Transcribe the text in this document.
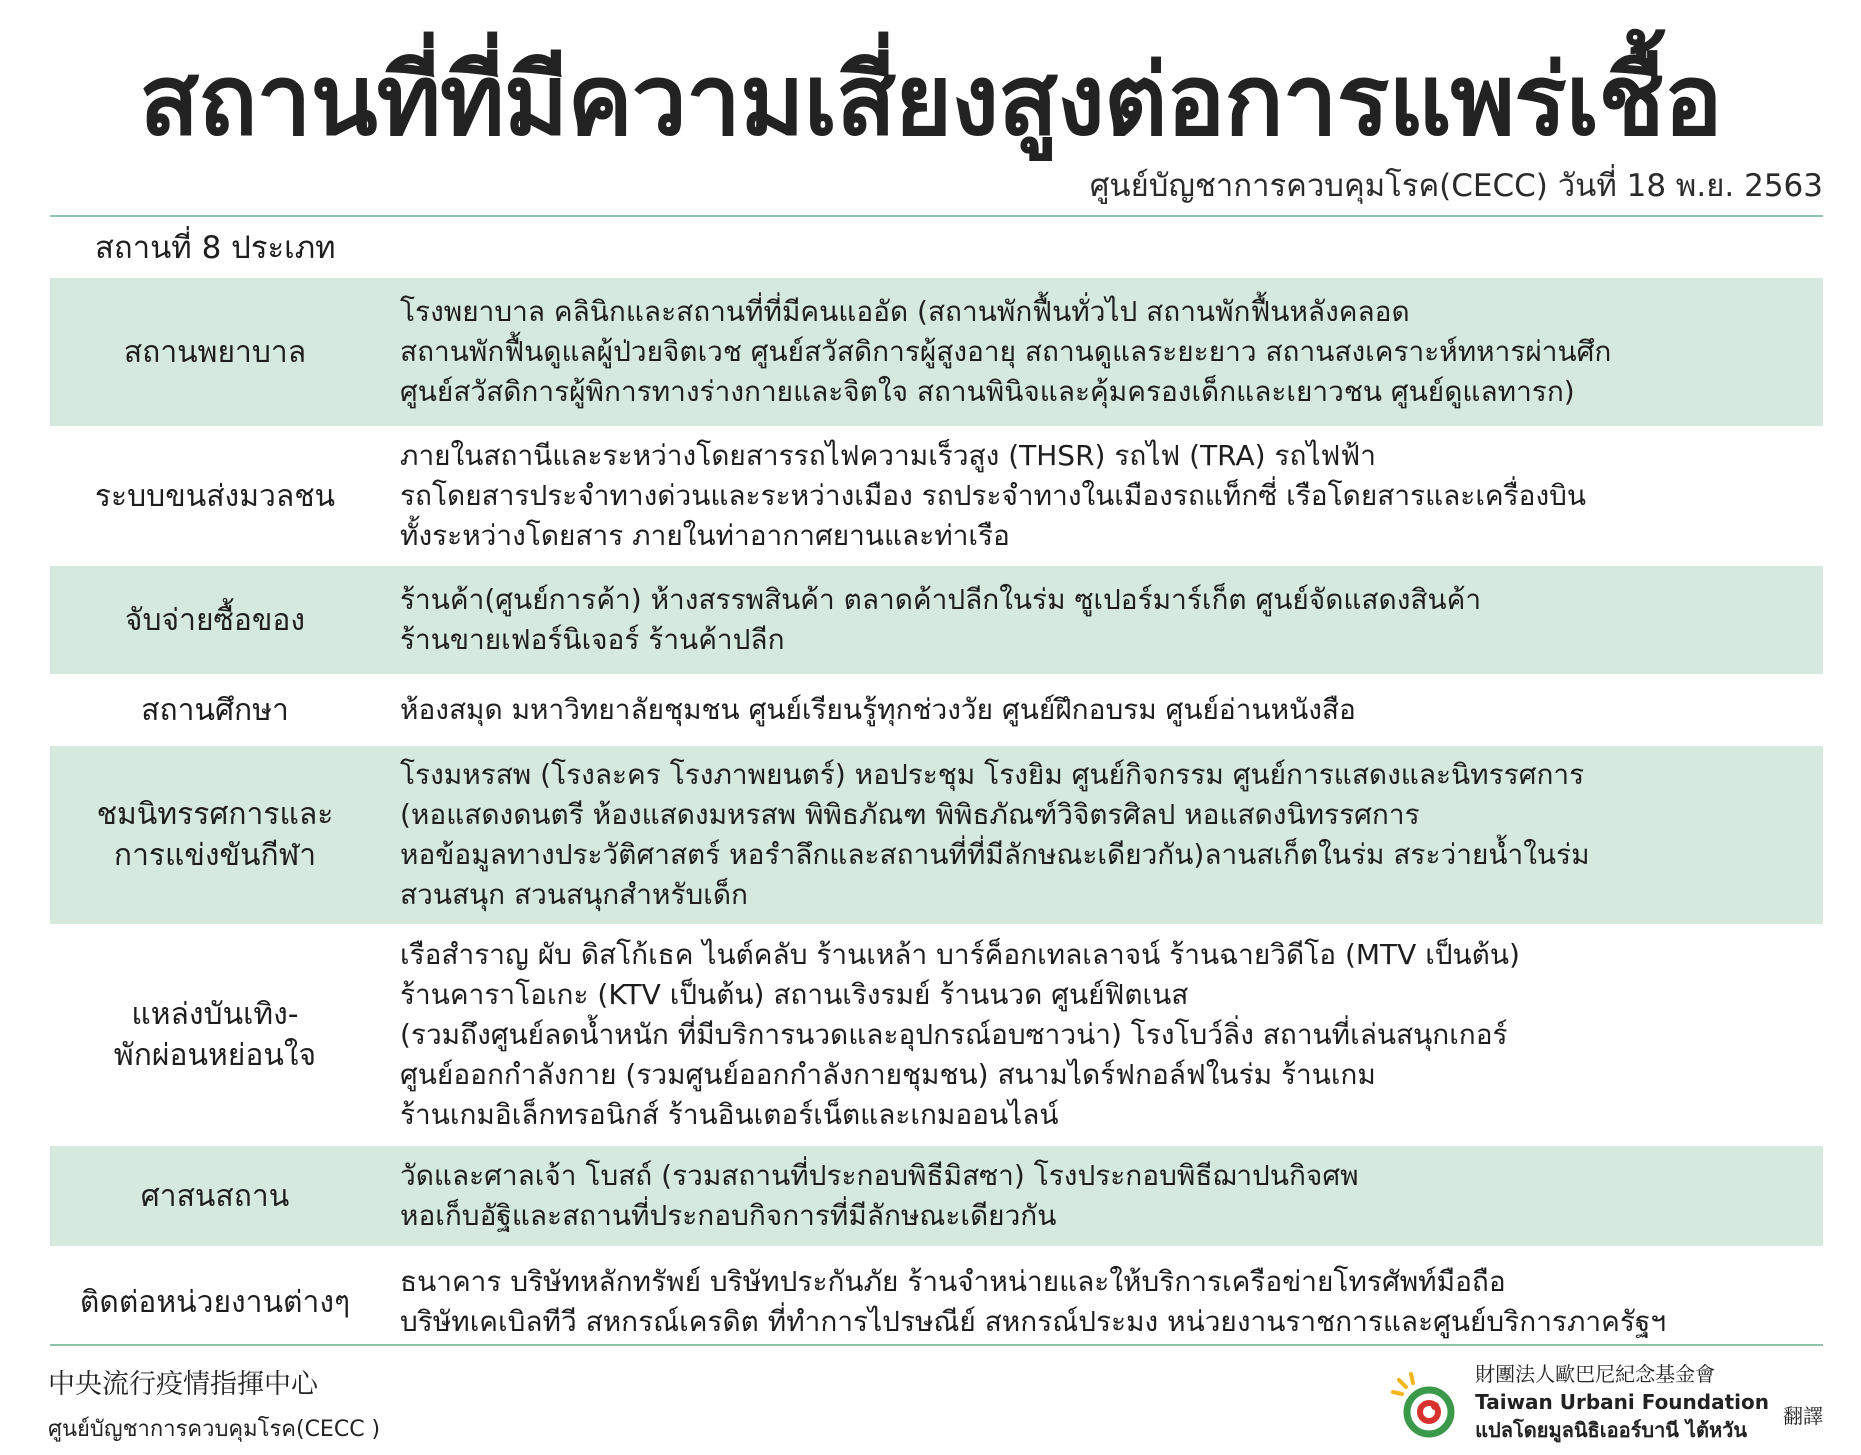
สถานที่ที่มีความเสี่ยงสูงต่อการแพร่เชื้อ
ศูนย์บัญชาการควบคุมโรค(CECC) วันที่ 18 พ.ย. 2563
สถานที่ 8 ประเภท
สถานพยาบาล
โรงพยาบาล คลินิกและสถานที่ที่มีคนแออัด (สถานพักฟื้นทั่วไป สถานพักฟื้นหลังคลอด
สถานพักฟื้นดูแลผู้ป่วยจิตเวช ศูนย์สวัสดิการผู้สูงอายุ สถานดูแลระยะยาว สถานสงเคราะห์ทหารผ่านศึก
ศูนย์สวัสดิการผู้พิการทางร่างกายและจิตใจ สถานพินิจและคุ้มครองเด็กและเยาวชน ศูนย์ดูแลทารก)
ระบบขนส่งมวลชน
ภายในสถานีและระหว่างโดยสารรถไฟความเร็วสูง (THSR) รถไฟ (TRA) รถไฟฟ้า
รถโดยสารประจำทางด่วนและระหว่างเมือง รถประจำทางในเมืองรถแท็กซี่ เรือโดยสารและเครื่องบิน
ทั้งระหว่างโดยสาร ภายในท่าอากาศยานและท่าเรือ
จับจ่ายซื้อของ
ร้านค้า(ศูนย์การค้า) ห้างสรรพสินค้า ตลาดค้าปลีกในร่ม ซูเปอร์มาร์เก็ต ศูนย์จัดแสดงสินค้า
ร้านขายเฟอร์นิเจอร์ ร้านค้าปลีก
สถานศึกษา	ห้องสมุด มหาวิทยาลัยชุมชน ศูนย์เรียนรู้ทุกช่วงวัย ศูนย์ฝึกอบรม ศูนย์อ่านหนังสือ
ชมนิทรรศการและ
การแข่งขันกีฬา
โรงมหรสพ (โรงละคร โรงภาพยนตร์) หอประชุม โรงยิม ศูนย์กิจกรรม ศูนย์การแสดงและนิทรรศการ
(หอแสดงดนตรี ห้องแสดงมหรสพ พิพิธภัณฑ พิพิธภัณฑ์วิจิตรศิลป หอแสดงนิทรรศการ
หอข้อมูลทางประวัติศาสตร์ หอรำลึกและสถานที่ที่มีลักษณะเดียวกัน)ลานสเก็ตในร่ม สระว่ายน้ำในร่ม
สวนสนุก สวนสนุกสำหรับเด็ก
แหล่งบันเทิง-
พักผ่อนหย่อนใจ
เรือสำราญ ผับ ดิสโก้เธค ไนต์คลับ ร้านเหล้า บาร์ค็อกเทลเลาจน์ ร้านฉายวิดีโอ (MTV เป็นต้น)
ร้านคาราโอเกะ (KTV เป็นต้น) สถานเริงรมย์ ร้านนวด ศูนย์ฟิตเนส
(รวมถึงศูนย์ลดน้ำหนัก ที่มีบริการนวดและอุปกรณ์อบซาวน่า) โรงโบว์ลิ่ง สถานที่เล่นสนุกเกอร์
ศูนย์ออกกำลังกาย (รวมศูนย์ออกกำลังกายชุมชน) สนามไดร์ฟกอล์ฟในร่ม ร้านเกม
ร้านเกมอิเล็กทรอนิกส์ ร้านอินเตอร์เน็ตและเกมออนไลน์
ศาสนสถาน
วัดและศาลเจ้า โบสถ์ (รวมสถานที่ประกอบพิธีมิสซา) โรงประกอบพิธีฌาปนกิจศพ
หอเก็บอัฐิและสถานที่ประกอบกิจการที่มีลักษณะเดียวกัน
ติดต่อหน่วยงานต่างๆ
ธนาคาร บริษัทหลักทรัพย์ บริษัทประกันภัย ร้านจำหน่ายและให้บริการเครือข่ายโทรศัพท์มือถือ
บริษัทเคเบิลทีวี สหกรณ์เครดิต ที่ทำการไปรษณีย์ สหกรณ์ประมง หน่วยงานราชการและศูนย์บริการภาครัฐฯ
中央流行疫情指揮中心
ศูนย์บัญชาการควบคุมโรค(CECC )
財團法人歐巴尼紀念基金會
Taiwan Urbani Foundation
แปลโดยมูลนิธิเออร์บานี ไต้หวัน
翻譯
